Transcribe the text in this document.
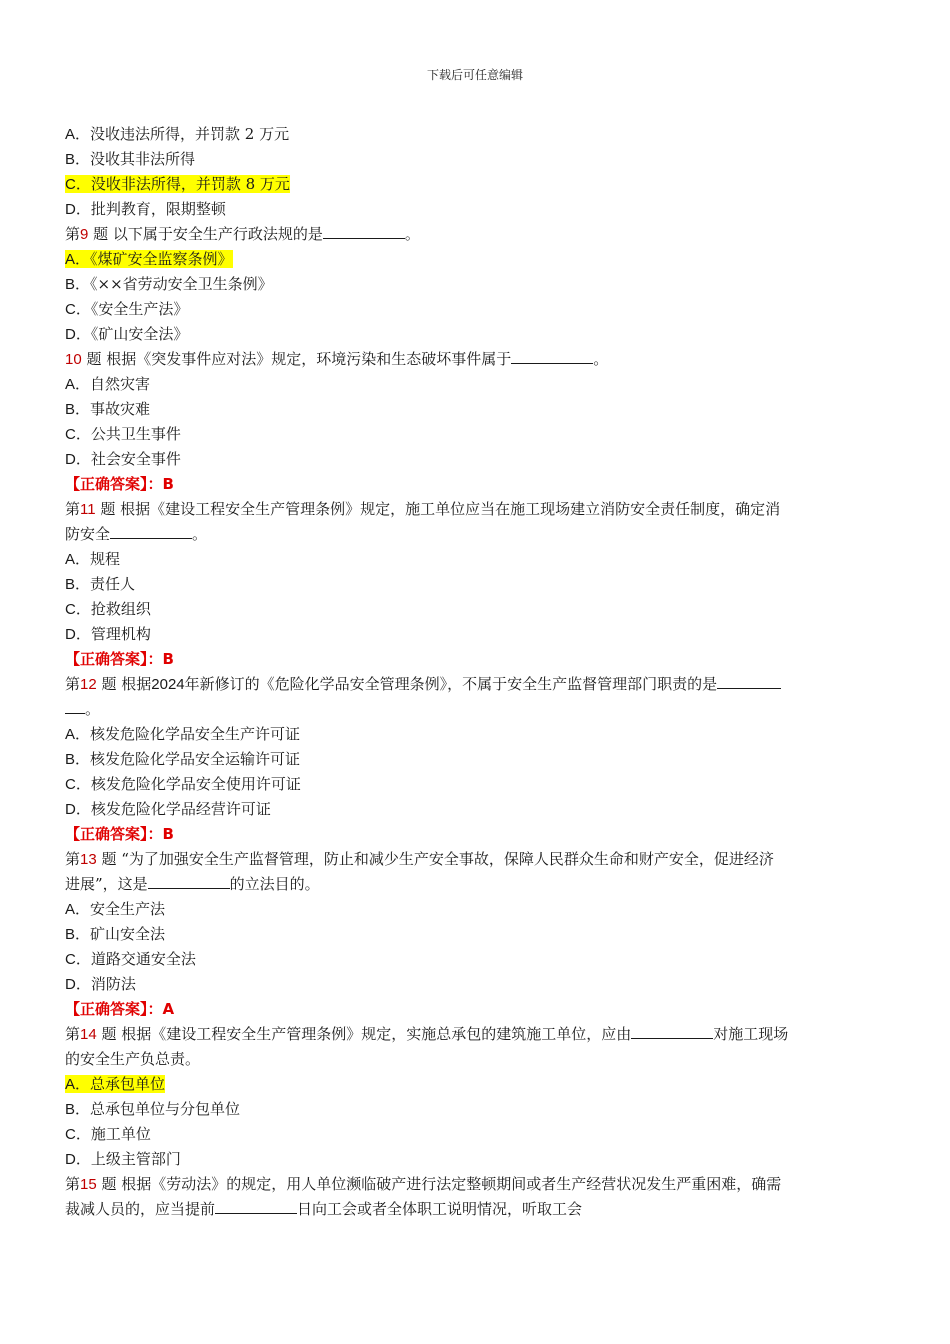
下载后可任意编辑
A．没收违法所得，并罚款 2 万元
B．没收其非法所得
C．没收非法所得，并罚款 8 万元
D．批判教育，限期整顿
第9 题 以下属于安全生产行政法规的是	。
A．《煤矿安全监察条例》
B．《××省劳动安全卫生条例》
C．《安全生产法》
D．《矿山安全法》
10 题 根据《突发事件应对法》规定，环境污染和生态破坏事件属于	。
A．自然灾害
B．事故灾难
C．公共卫生事件
D．社会安全事件
【正确答案】：B
第11 题 根据《建设工程安全生产管理条例》规定，施工单位应当在施工现场建立消防安全责任制度，确定消
防安全	。
A．规程
B．责任人
C．抢救组织
D．管理机构
【正确答案】：B
第12 题 根据2024年新修订的《危险化学品安全管理条例》，不属于安全生产监督管理部门职责的是
。
A．核发危险化学品安全生产许可证
B．核发危险化学品安全运输许可证
C．核发危险化学品安全使用许可证
D．核发危险化学品经营许可证
【正确答案】：B
第13 题 “为了加强安全生产监督管理，防止和减少生产安全事故，保障人民群众生命和财产安全，促进经济
进展”，这是	的立法目的。
A．安全生产法
B．矿山安全法
C．道路交通安全法
D．消防法
【正确答案】：A
第14 题 根据《建设工程安全生产管理条例》规定，实施总承包的建筑施工单位，应由	对施工现场
的安全生产负总责。
A．总承包单位
B．总承包单位与分包单位
C．施工单位
D．上级主管部门
第15 题 根据《劳动法》的规定，用人单位濒临破产进行法定整顿期间或者生产经营状况发生严重困难，确需
裁减人员的，应当提前	日向工会或者全体职工说明情况，听取工会
